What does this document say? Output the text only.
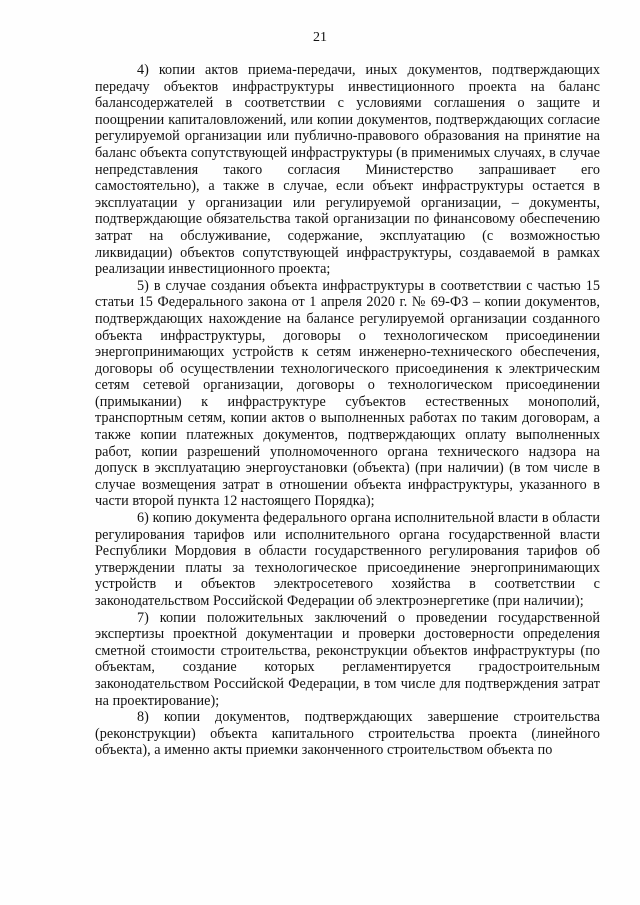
21

4) копии актов приема-передачи, иных документов, подтверждающих передачу объектов инфраструктуры инвестиционного проекта на баланс балансодержателей в соответствии с условиями соглашения о защите и поощрении капиталовложений, или копии документов, подтверждающих согласие регулируемой организации или публично-правового образования на принятие на баланс объекта сопутствующей инфраструктуры (в применимых случаях, в случае непредставления такого согласия Министерство запрашивает его самостоятельно), а также в случае, если объект инфраструктуры остается в эксплуатации у организации или регулируемой организации, – документы, подтверждающие обязательства такой организации по финансовому обеспечению затрат на обслуживание, содержание, эксплуатацию (с возможностью ликвидации) объектов сопутствующей инфраструктуры, создаваемой в рамках реализации инвестиционного проекта;

5) в случае создания объекта инфраструктуры в соответствии с частью 15 статьи 15 Федерального закона от 1 апреля 2020 г. № 69-ФЗ – копии документов, подтверждающих нахождение на балансе регулируемой организации созданного объекта инфраструктуры, договоры о технологическом присоединении энергопринимающих устройств к сетям инженерно-технического обеспечения, договоры об осуществлении технологического присоединения к электрическим сетям сетевой организации, договоры о технологическом присоединении (примыкании) к инфраструктуре субъектов естественных монополий, транспортным сетям, копии актов о выполненных работах по таким договорам, а также копии платежных документов, подтверждающих оплату выполненных работ, копии разрешений уполномоченного органа технического надзора на допуск в эксплуатацию энергоустановки (объекта) (при наличии) (в том числе в случае возмещения затрат в отношении объекта инфраструктуры, указанного в части второй пункта 12 настоящего Порядка);

6) копию документа федерального органа исполнительной власти в области регулирования тарифов или исполнительного органа государственной власти Республики Мордовия в области государственного регулирования тарифов об утверждении платы за технологическое присоединение энергопринимающих устройств и объектов электросетевого хозяйства в соответствии с законодательством Российской Федерации об электроэнергетике (при наличии);

7) копии положительных заключений о проведении государственной экспертизы проектной документации и проверки достоверности определения сметной стоимости строительства, реконструкции объектов инфраструктуры (по объектам, создание которых регламентируется градостроительным законодательством Российской Федерации, в том числе для подтверждения затрат на проектирование);

8) копии документов, подтверждающих завершение строительства (реконструкции) объекта капитального строительства проекта (линейного объекта), а именно акты приемки законченного строительством объекта по
